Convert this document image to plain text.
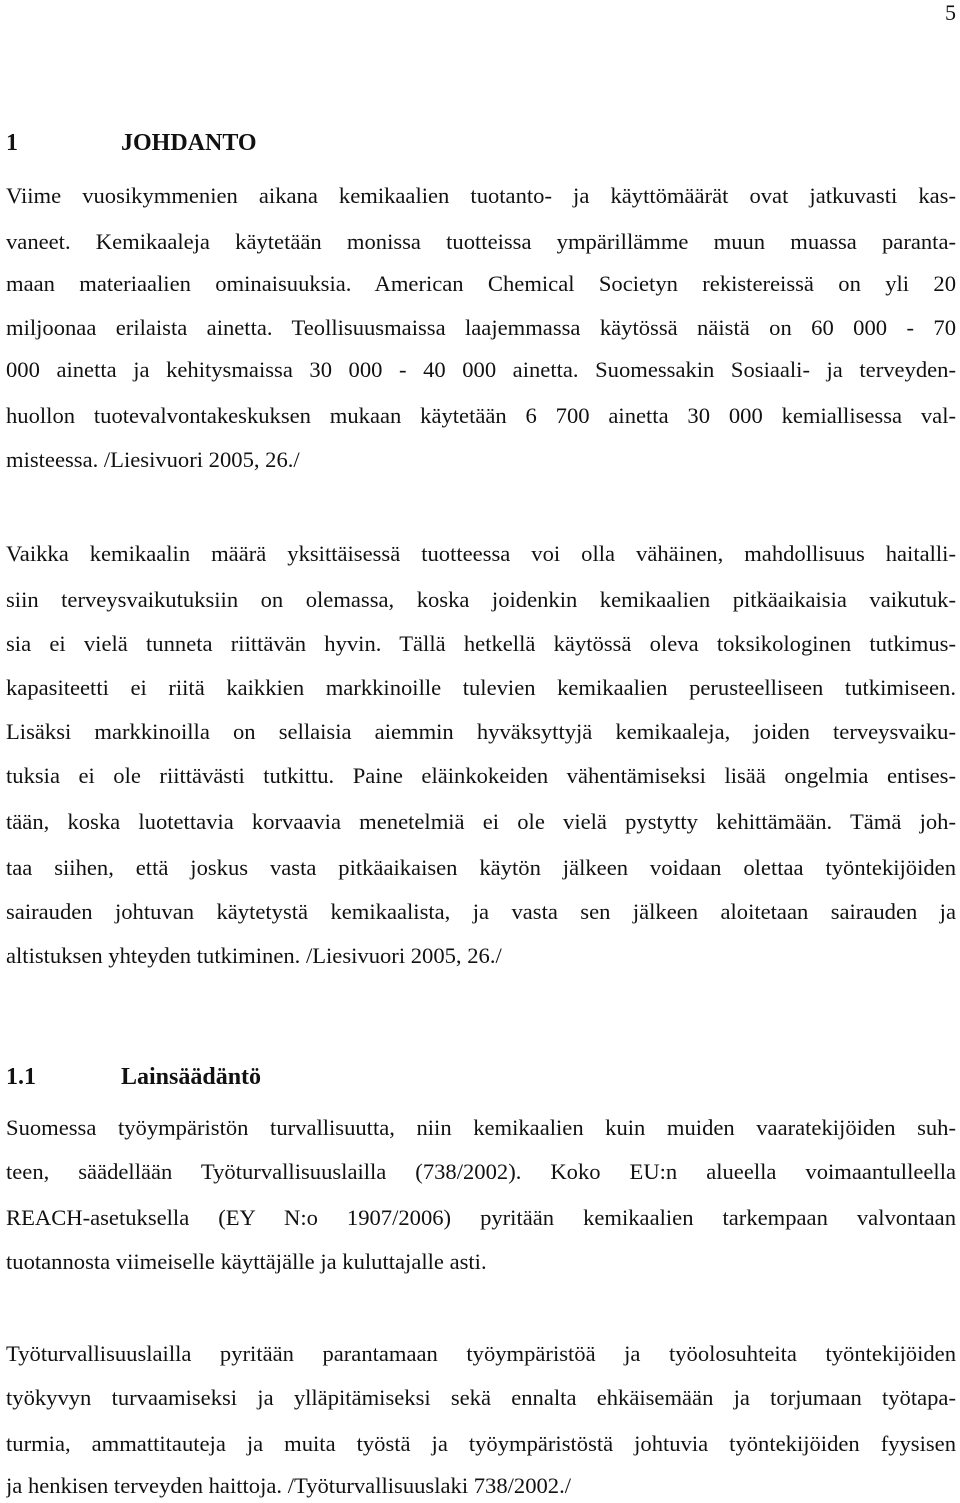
5
1	JOHDANTO
Viime vuosikymmenien aikana kemikaalien tuotanto- ja käyttömäärät ovat jatkuvasti kas-
vaneet. Kemikaaleja käytetään monissa tuotteissa ympärillämme muun muassa paranta-
maan materiaalien ominaisuuksia. American Chemical Societyn rekistereissä on yli 20
miljoonaa erilaista ainetta. Teollisuusmaissa laajemmassa käytössä näistä on 60 000 - 70
000 ainetta ja kehitysmaissa 30 000 - 40 000 ainetta. Suomessakin Sosiaali- ja terveyden-
huollon tuotevalvontakeskuksen mukaan käytetään 6 700 ainetta 30 000 kemiallisessa val-
misteessa. /Liesivuori 2005, 26./
Vaikka kemikaalin määrä yksittäisessä tuotteessa voi olla vähäinen, mahdollisuus haitalli-
siin terveysvaikutuksiin on olemassa, koska joidenkin kemikaalien pitkäaikaisia vaikutuk-
sia ei vielä tunneta riittävän hyvin. Tällä hetkellä käytössä oleva toksikologinen tutkimus-
kapasiteetti ei riitä kaikkien markkinoille tulevien kemikaalien perusteelliseen tutkimiseen.
Lisäksi markkinoilla on sellaisia aiemmin hyväksyttyjä kemikaaleja, joiden terveysvaiku-
tuksia ei ole riittävästi tutkittu. Paine eläinkokeiden vähentämiseksi lisää ongelmia entises-
tään, koska luotettavia korvaavia menetelmiä ei ole vielä pystytty kehittämään. Tämä joh-
taa siihen, että joskus vasta pitkäaikaisen käytön jälkeen voidaan olettaa työntekijöiden
sairauden johtuvan käytetystä kemikaalista, ja vasta sen jälkeen aloitetaan sairauden ja
altistuksen yhteyden tutkiminen. /Liesivuori 2005, 26./
1.1	Lainsäädäntö
Suomessa työympäristön turvallisuutta, niin kemikaalien kuin muiden vaaratekijöiden suh-
teen, säädellään Työturvallisuuslailla (738/2002). Koko EU:n alueella voimaantulleella
REACH-asetuksella (EY N:o 1907/2006) pyritään kemikaalien tarkempaan valvontaan
tuotannosta viimeiselle käyttäjälle ja kuluttajalle asti.
Työturvallisuuslailla pyritään parantamaan työympäristöä ja työolosuhteita työntekijöiden
työkyvyn turvaamiseksi ja ylläpitämiseksi sekä ennalta ehkäisemään ja torjumaan työtapa-
turmia, ammattitauteja ja muita työstä ja työympäristöstä johtuvia työntekijöiden fyysisen
ja henkisen terveyden haittoja. /Työturvallisuuslaki 738/2002./
